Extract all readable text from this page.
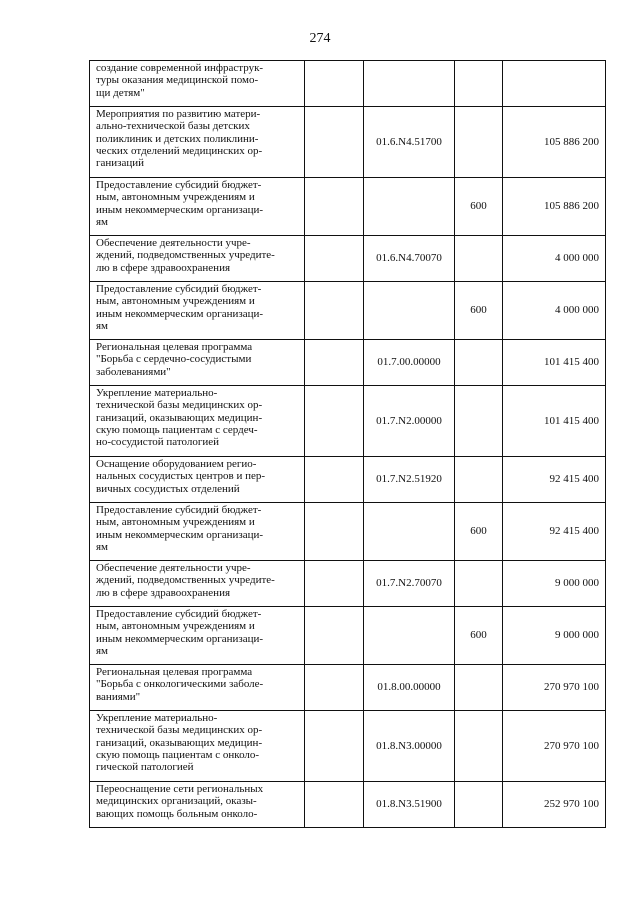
274
создание современной инфраструк-
туры оказания медицинской помо-
щи детям"				

Мероприятия по развитию матери-
ально-технической базы детских
поликлиник и детских поликлини-
ческих отделений медицинских ор-
ганизаций		01.6.N4.51700		105 886 200

Предоставление субсидий бюджет-
ным, автономным учреждениям и
иным некоммерческим организаци-
ям			600	105 886 200

Обеспечение деятельности учре-
ждений, подведомственных учредите-
лю в сфере здравоохранения		01.6.N4.70070		4 000 000

Предоставление субсидий бюджет-
ным, автономным учреждениям и
иным некоммерческим организаци-
ям			600	4 000 000

Региональная целевая программа
"Борьба с сердечно-сосудистыми
заболеваниями"		01.7.00.00000		101 415 400

Укрепление материально-
технической базы медицинских ор-
ганизаций, оказывающих медицин-
скую помощь пациентам с сердеч-
но-сосудистой патологией		01.7.N2.00000		101 415 400

Оснащение оборудованием регио-
нальных сосудистых центров и пер-
вичных сосудистых отделений		01.7.N2.51920		92 415 400

Предоставление субсидий бюджет-
ным, автономным учреждениям и
иным некоммерческим организаци-
ям			600	92 415 400

Обеспечение деятельности учре-
ждений, подведомственных учредите-
лю в сфере здравоохранения		01.7.N2.70070		9 000 000

Предоставление субсидий бюджет-
ным, автономным учреждениям и
иным некоммерческим организаци-
ям			600	9 000 000

Региональная целевая программа
"Борьба с онкологическими заболе-
ваниями"		01.8.00.00000		270 970 100

Укрепление материально-
технической базы медицинских ор-
ганизаций, оказывающих медицин-
скую помощь пациентам с онколо-
гической патологией		01.8.N3.00000		270 970 100

Переоснащение сети региональных
медицинских организаций, оказы-
вающих помощь больным онколо-		01.8.N3.51900		252 970 100
